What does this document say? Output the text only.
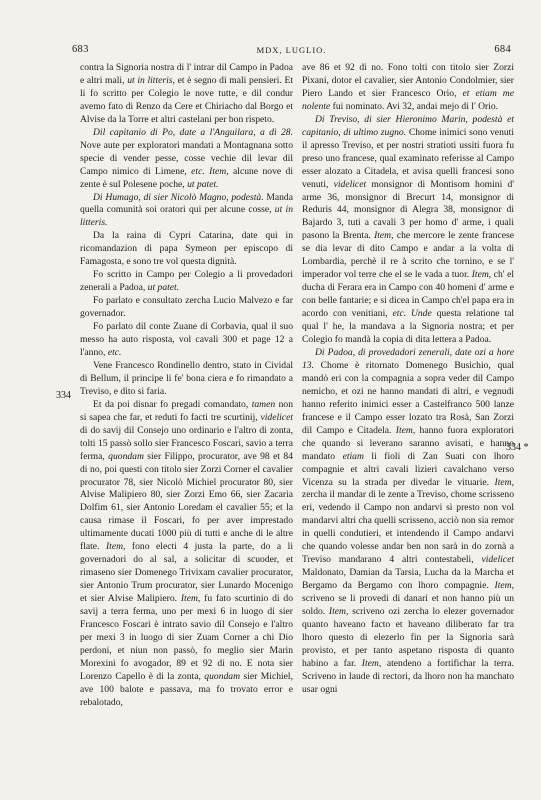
683	MDX, LUGLIO.	684
334
334 *

contra la Signoria nostra di l' intrar dil Campo in Padoa e altri mali, ut in litteris, et è segno di mali pensieri. Et li fo scritto per Colegio le nove tutte, e dil condur avemo fato di Renzo da Cere et Chiriacho dal Borgo et Alvise da la Torre et altri castelani per bon rispeto.

Dil capitanio di Po, date a l'Anguilara, a dì 28. Nove aute per exploratori mandati a Montagnana sotto specie di vender pesse, cosse vechie dil levar dil Campo nimico di Limene, etc. Item, alcune nove di zente è sul Polesene poche, ut patet.

Di Humago, di sier Nicolò Magno, podestà. Manda quella comunità soi oratori qui per alcune cosse, ut in litteris.

Da la raina di Cypri Catarina, date qui in ricomandazion di papa Symeon per episcopo di Famagosta, e sono tre vol questa dignità.

Fo scritto in Campo per Colegio a li provedadori zenerali a Padoa, ut patet.

Fo parlato e consultato zercha Lucio Malvezo e far governador.

Fo parlato dil conte Zuane di Corbavia, qual il suo messo ha auto risposta, vol cavali 300 et page 12 a l'anno, etc.

Vene Francesco Rondinello dentro, stato in Cividal di Bellum, il principe li fe' bona ciera e fo rimandato a Treviso, e dito si faria.

Et da poi disnar fo pregadi comandato, tamen non si sapea che far, et reduti fo facti tre scurtinij, videlicet di do savij dil Consejo uno ordinario e l'altro di zonta, tolti 15 passò sollo sier Francesco Foscari, savio a terra ferma, quondam sier Filippo, procurator, ave 98 et 84 di no, poi questi con titolo sier Zorzi Corner el cavalier procurator 78, sier Nicolò Michiel procurator 80, sier Alvise Malipiero 80, sier Zorzi Emo 66, sier Zacaria Dolfim 61, sier Antonio Loredam el cavalier 55; et la causa rimase il Foscari, fo per aver imprestado ultimamente ducati 1000 più di tutti e anche di le altre flate. Item, fono electi 4 justa la parte, do a li governadori do al sal, a solicitar di scuoder, et rimaseno sier Domenego Trivixam cavalier procurator, sier Antonio Trum procurator, sier Lunardo Mocenigo et sier Alvise Malipiero. Item, fu fato scurtinio di do savij a terra ferma, uno per mexi 6 in luogo di sier Francesco Foscari è intrato savio dil Consejo e l'altro per mexi 3 in luogo di sier Zuam Corner a chi Dio perdoni, et niun non passò, fo meglio sier Marin Morexini fo avogador, 89 et 92 di no. E nota sier Lorenzo Capello è di la zonta, quondam sier Michiel, ave 100 balote e passava, ma fo trovato error e rebalotado,

ave 86 et 92 di no. Fono tolti con titolo sier Zorzi Pixani, dotor el cavalier, sier Antonio Condolmier, sier Piero Lando et sier Francesco Orio, et etiam me nolente fui nominato. Avi 32, andai mejo di l' Orio.

Di Treviso, di sier Hieronimo Marin, podestà et capitanio, di ultimo zugno. Chome inimici sono venuti il apresso Treviso, et per nostri stratioti ussiti fuora fu preso uno francese, qual examinato referisse al Campo esser alozato a Citadela, et avisa quelli francesi sono venuti, videlicet monsignor di Montisom homini d' arme 36, monsignor di Brecurt 14, monsignor di Reduris 44, monsignor di Alegra 38, monsignor di Bajardo 3, tuti a cavali 3 per homo d' arme, i quali pasono la Brenta. Item, che mercore le zente francese se dia levar di dito Campo e andar a la volta di Lombardia, perchè il re à scrito che tornino, e se l' imperador vol terre che el se le vada a tuor. Item, ch' el ducha di Ferara era in Campo con 40 homeni d' arme e con belle fantarie; e si dicea in Campo ch'el papa era in acordo con venitiani, etc. Unde questa relatione tal qual l' he, la mandava a la Signoria nostra; et per Colegio fo mandà la copia di dita lettera a Padoa.

Di Padoa, di provedadori zenerali, date ozi a hore 13. Chome è ritornato Domenego Busichio, qual mandò eri con la compagnia a sopra veder dil Campo nemicho, et ozi ne hanno mandati di altri, e vegnudi hanno referito inimici esser a Castelfranco 500 lanze francese e il Campo esser lozato tra Rosà, San Zorzi dil Campo e Citadela. Item, hanno fuora exploratori che quando si leverano saranno avisati, e hanno mandato etiam li fioli di Zan Suati con lhoro compagnie et altri cavali lizieri cavalchano verso Vicenza su la strada per divedar le vituarie. Item, zercha il mandar di le zente a Treviso, chome scrisseno eri, vedendo il Campo non andarvi sì presto non vol mandarvi altri cha quelli scrisseno, acciò non sia remor in quelli condutieri, et intendendo il Campo andarvi che quando volesse andar ben non sarà in do zornà a Treviso mandarano 4 altri contestabeli, videlicet Maldonato, Damian da Tarsia, Lucha da la Marcha et Bergamo da Bergamo con lhoro compagnie. Item, scriveno se li provedi di danari et non hanno più un soldo. Item, scriveno ozi zercha lo elezer governador quanto haveano facto et haveano diliberato far tra lhoro questo di elezerlo fin per la Signoria sarà provisto, et per tanto aspetano risposta di quanto habino a far. Item, atendeno a fortifichar la terra. Scriveno in laude di rectori, da lhoro non ha manchato usar ogni
